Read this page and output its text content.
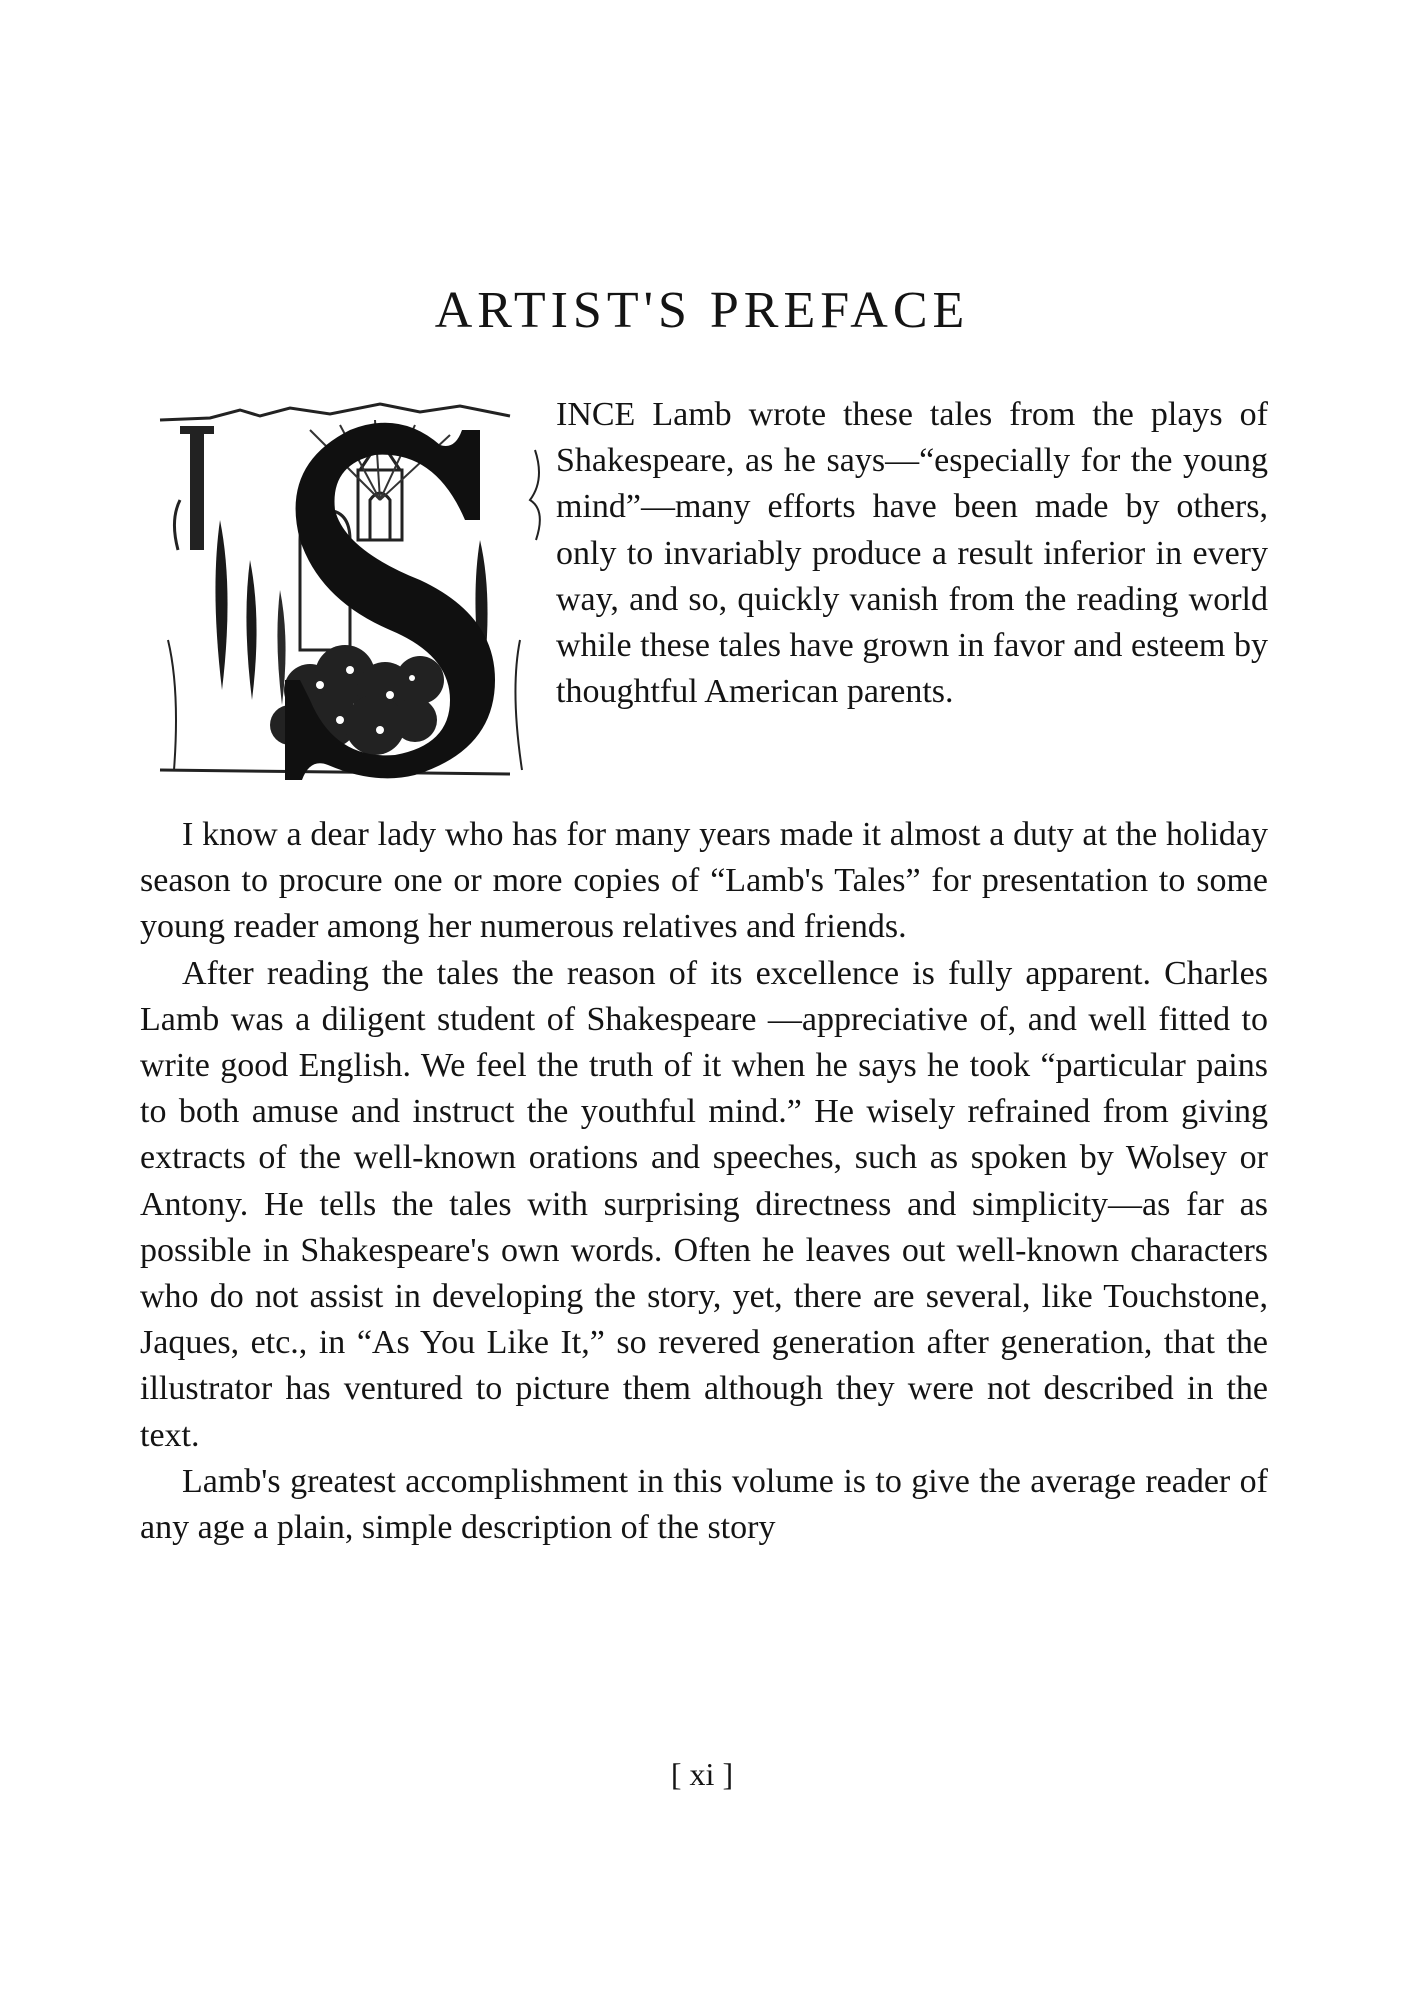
ARTIST'S PREFACE

INCE Lamb wrote these tales from the plays of Shakespeare, as he says—“especially for the young mind”—many efforts have been made by others, only to invariably produce a result inferior in every way, and so, quickly vanish from the reading world while these tales have grown in favor and esteem by thoughtful American parents.

I know a dear lady who has for many years made it almost a duty at the holiday season to procure one or more copies of “Lamb's Tales” for presentation to some young reader among her numerous relatives and friends.

After reading the tales the reason of its excellence is fully apparent. Charles Lamb was a diligent student of Shakespeare —appreciative of, and well fitted to write good English. We feel the truth of it when he says he took “particular pains to both amuse and instruct the youthful mind.” He wisely refrained from giving extracts of the well-known orations and speeches, such as spoken by Wolsey or Antony. He tells the tales with surprising directness and simplicity—as far as possible in Shakespeare's own words. Often he leaves out well-known characters who do not assist in developing the story, yet, there are several, like Touchstone, Jaques, etc., in “As You Like It,” so revered generation after generation, that the illustrator has ventured to picture them although they were not described in the text.

Lamb's greatest accomplishment in this volume is to give the average reader of any age a plain, simple description of the story

[ xi ]
